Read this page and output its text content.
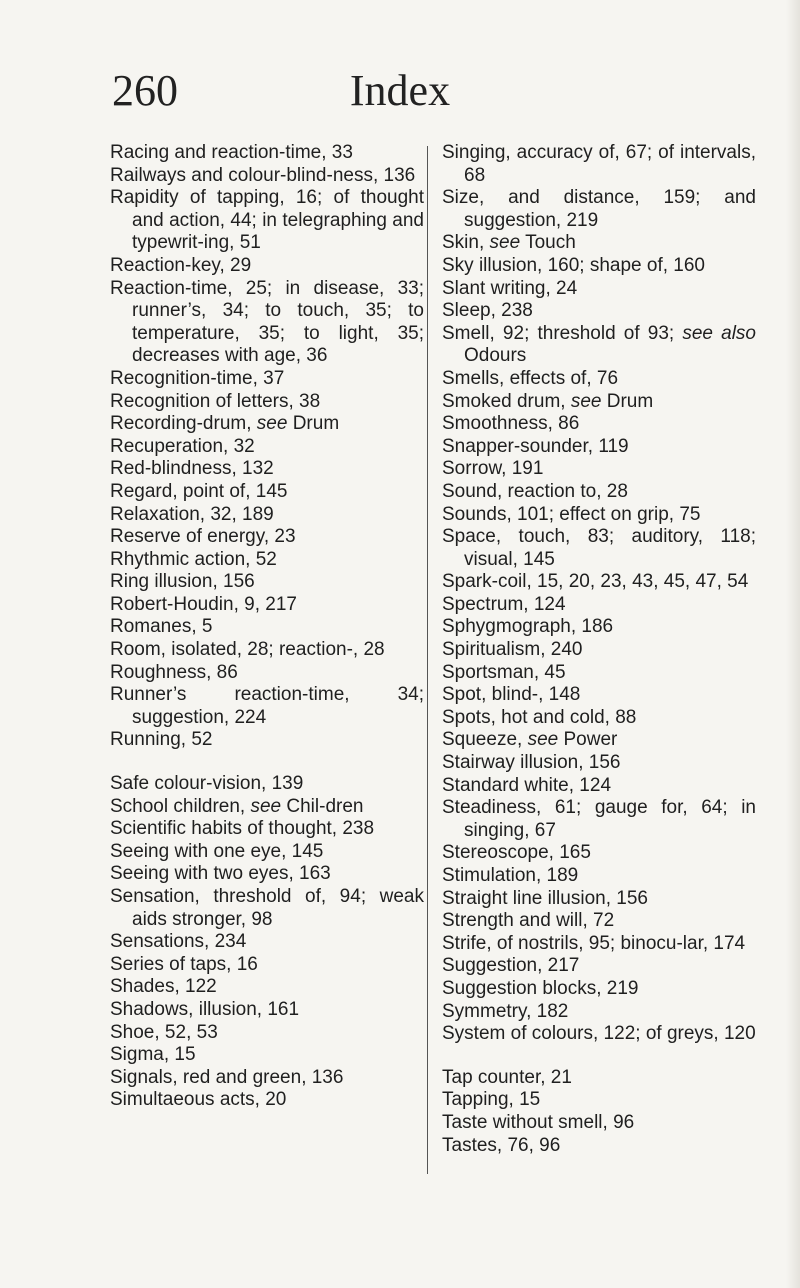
260	Index
Racing and reaction-time, 33
Railways and colour-blind-ness, 136
Rapidity of tapping, 16; of thought and action, 44; in telegraphing and typewrit-ing, 51
Reaction-key, 29
Reaction-time, 25; in disease, 33; runner’s, 34; to touch, 35; to temperature, 35; to light, 35; decreases with age, 36
Recognition-time, 37
Recognition of letters, 38
Recording-drum, see Drum
Recuperation, 32
Red-blindness, 132
Regard, point of, 145
Relaxation, 32, 189
Reserve of energy, 23
Rhythmic action, 52
Ring illusion, 156
Robert-Houdin, 9, 217
Romanes, 5
Room, isolated, 28; reaction-, 28
Roughness, 86
Runner’s reaction-time, 34; suggestion, 224
Running, 52
Safe colour-vision, 139
School children, see Chil-dren
Scientific habits of thought, 238
Seeing with one eye, 145
Seeing with two eyes, 163
Sensation, threshold of, 94; weak aids stronger, 98
Sensations, 234
Series of taps, 16
Shades, 122
Shadows, illusion, 161
Shoe, 52, 53
Sigma, 15
Signals, red and green, 136
Simultaeous acts, 20
Singing, accuracy of, 67; of intervals, 68
Size, and distance, 159; and suggestion, 219
Skin, see Touch
Sky illusion, 160; shape of, 160
Slant writing, 24
Sleep, 238
Smell, 92; threshold of 93; see also Odours
Smells, effects of, 76
Smoked drum, see Drum
Smoothness, 86
Snapper-sounder, 119
Sorrow, 191
Sound, reaction to, 28
Sounds, 101; effect on grip, 75
Space, touch, 83; auditory, 118; visual, 145
Spark-coil, 15, 20, 23, 43, 45, 47, 54
Spectrum, 124
Sphygmograph, 186
Spiritualism, 240
Sportsman, 45
Spot, blind-, 148
Spots, hot and cold, 88
Squeeze, see Power
Stairway illusion, 156
Standard white, 124
Steadiness, 61; gauge for, 64; in singing, 67
Stereoscope, 165
Stimulation, 189
Straight line illusion, 156
Strength and will, 72
Strife, of nostrils, 95; binocu-lar, 174
Suggestion, 217
Suggestion blocks, 219
Symmetry, 182
System of colours, 122; of greys, 120
Tap counter, 21
Tapping, 15
Taste without smell, 96
Tastes, 76, 96
